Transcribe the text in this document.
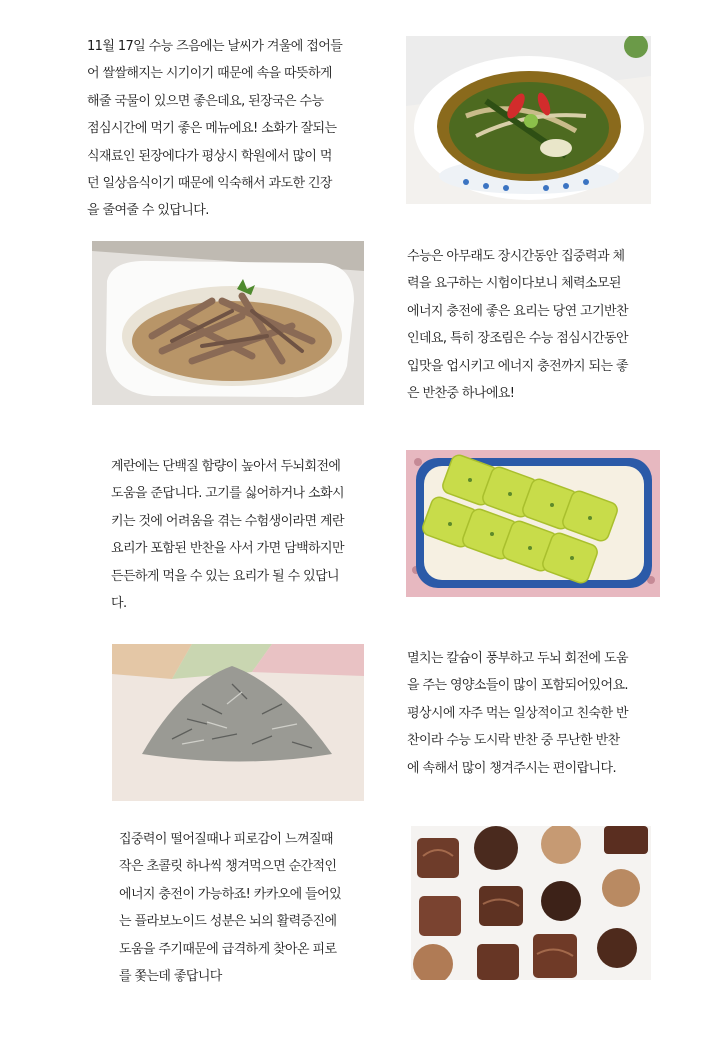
11월 17일 수능 즈음에는 날씨가 겨울에 접어들

어 쌀쌀해지는 시기이기 때문에 속을 따뜻하게

해줄 국물이 있으면 좋은데요, 된장국은 수능

점심시간에 먹기 좋은 메뉴에요! 소화가 잘되는

식재료인 된장에다가 평상시 학원에서 많이 먹

던 일상음식이기 때문에 익숙해서 과도한 긴장

을 줄여줄 수 있답니다.

수능은 아무래도 장시간동안 집중력과 체

력을 요구하는 시험이다보니 체력소모된

에너지 충전에 좋은 요리는 당연 고기반찬

인데요, 특히 장조림은 수능 점심시간동안

입맛을 업시키고 에너지 충전까지 되는 좋

은 반찬중 하나에요!

계란에는 단백질 함량이 높아서 두뇌회전에

도움을 준답니다. 고기를 싫어하거나 소화시

키는 것에 어려움을 겪는 수험생이라면 계란

요리가 포함된 반찬을 사서 가면 담백하지만

든든하게 먹을 수 있는 요리가 될 수 있답니

다.

멸치는 칼슘이 풍부하고 두뇌 회전에 도움

을 주는 영양소들이 많이 포함되어있어요.

평상시에 자주 먹는 일상적이고 친숙한 반

찬이라 수능 도시락 반찬 중 무난한 반찬

에 속해서 많이 챙겨주시는 편이랍니다.

집중력이 떨어질때나 피로감이 느껴질때

작은 초콜릿 하나씩 챙겨먹으면 순간적인

에너지 충전이 가능하죠! 카카오에 들어있

는 플라보노이드 성분은 뇌의 활력증진에

도움을 주기때문에 급격하게 찾아온 피로

를 쫓는데 좋답니다
